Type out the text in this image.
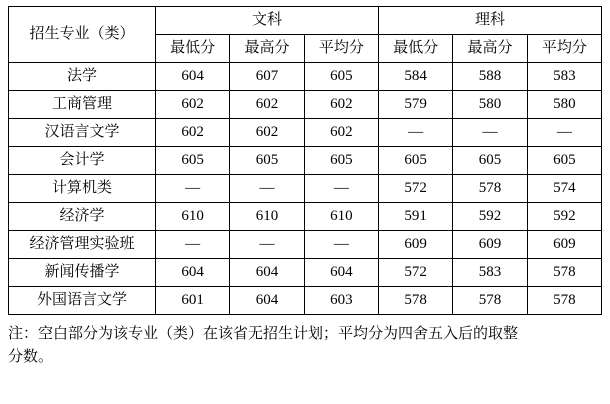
招生专业（类）	文科			理科		
	最低分	最高分	平均分	最低分	最高分	平均分
法学	604	607	605	584	588	583
工商管理	602	602	602	579	580	580
汉语言文学	602	602	602	—	—	—
会计学	605	605	605	605	605	605
计算机类	—	—	—	572	578	574
经济学	610	610	610	591	592	592
经济管理实验班	—	—	—	609	609	609
新闻传播学	604	604	604	572	583	578
外国语言文学	601	604	603	578	578	578
注：空白部分为该专业（类）在该省无招生计划；平均分为四舍五入后的取整
分数。
